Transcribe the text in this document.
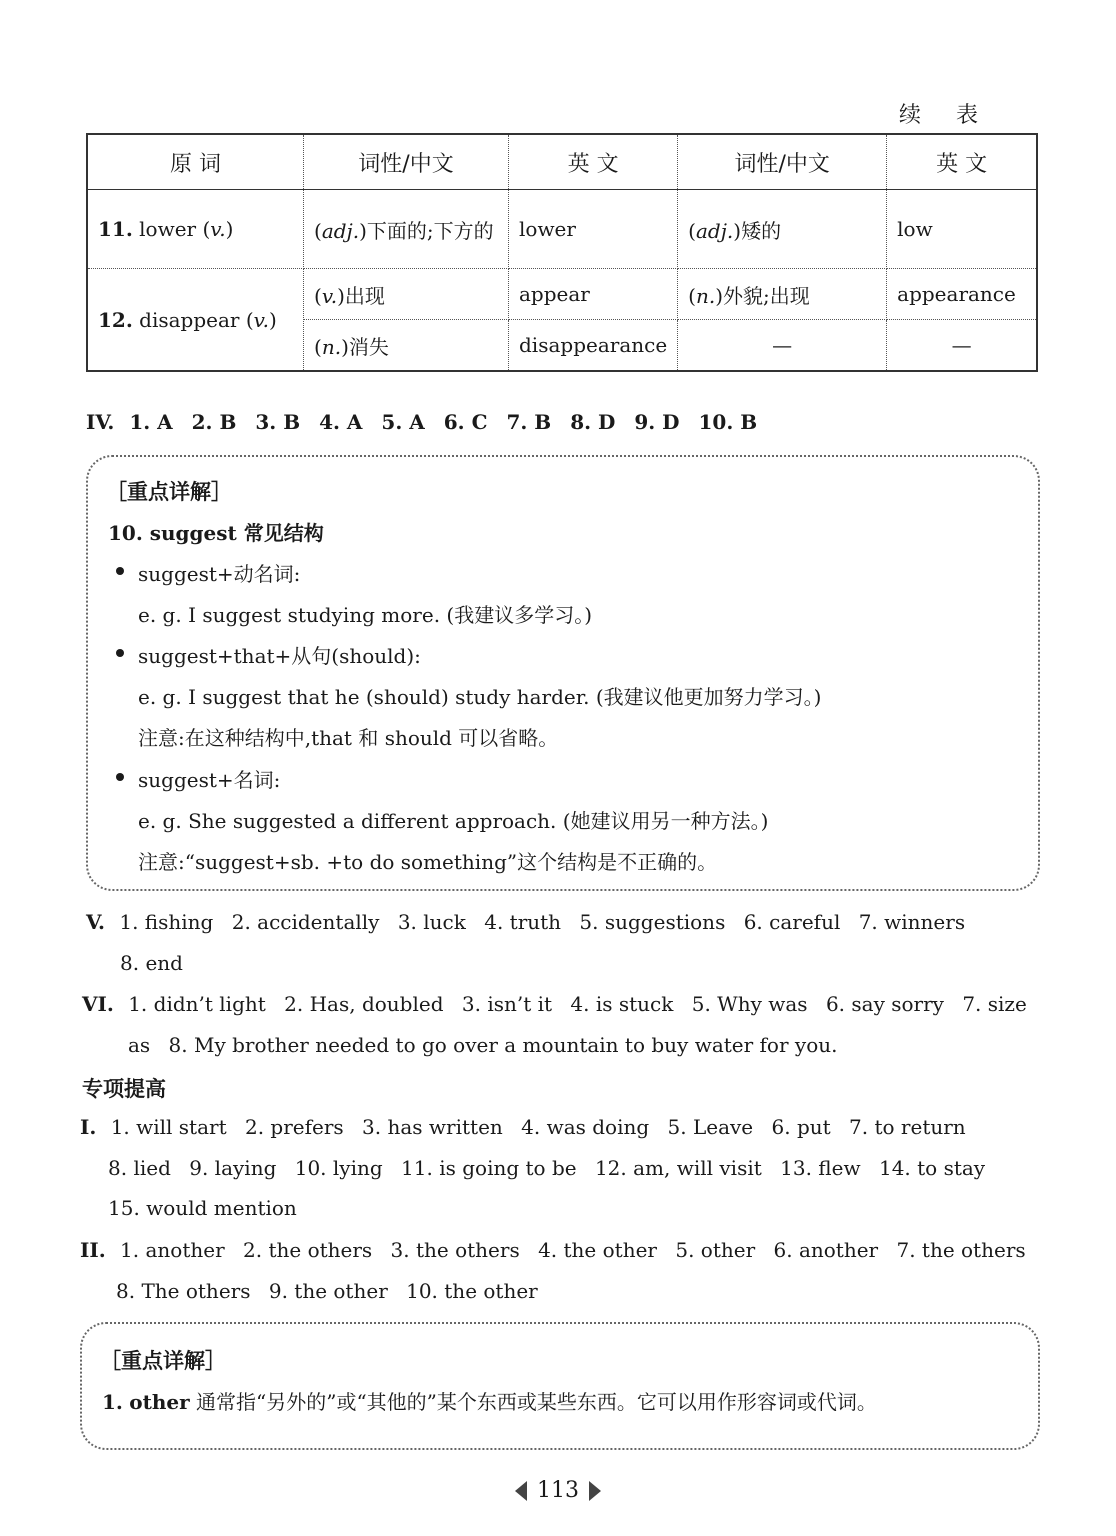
续 表
原 词	词性/中文	英 文	词性/中文	英 文
11. lower (v.)	(adj.)下面的;下方的	lower	(adj.)矮的	low
12. disappear (v.)	(v.)出现	appear	(n.)外貌;出现	appearance
	(n.)消失	disappearance	—	—
IV. 1. A 2. B 3. B 4. A 5. A 6. C 7. B 8. D 9. D 10. B
［重点详解］
10. suggest 常见结构
suggest+动名词:
e. g. I suggest studying more. (我建议多学习。)
suggest+that+从句(should):
e. g. I suggest that he (should) study harder. (我建议他更加努力学习。)
注意:在这种结构中,that 和 should 可以省略。
suggest+名词:
e. g. She suggested a different approach. (她建议用另一种方法。)
注意:“suggest+sb. +to do something”这个结构是不正确的。
V. 1. fishing 2. accidentally 3. luck 4. truth 5. suggestions 6. careful 7. winners
8. end
VI. 1. didn’t light 2. Has, doubled 3. isn’t it 4. is stuck 5. Why was 6. say sorry 7. size
as 8. My brother needed to go over a mountain to buy water for you.
专项提高
I. 1. will start 2. prefers 3. has written 4. was doing 5. Leave 6. put 7. to return
8. lied 9. laying 10. lying 11. is going to be 12. am, will visit 13. flew 14. to stay
15. would mention
II. 1. another 2. the others 3. the others 4. the other 5. other 6. another 7. the others
8. The others 9. the other 10. the other
［重点详解］
1. other 通常指“另外的”或“其他的”某个东西或某些东西。它可以用作形容词或代词。
113
